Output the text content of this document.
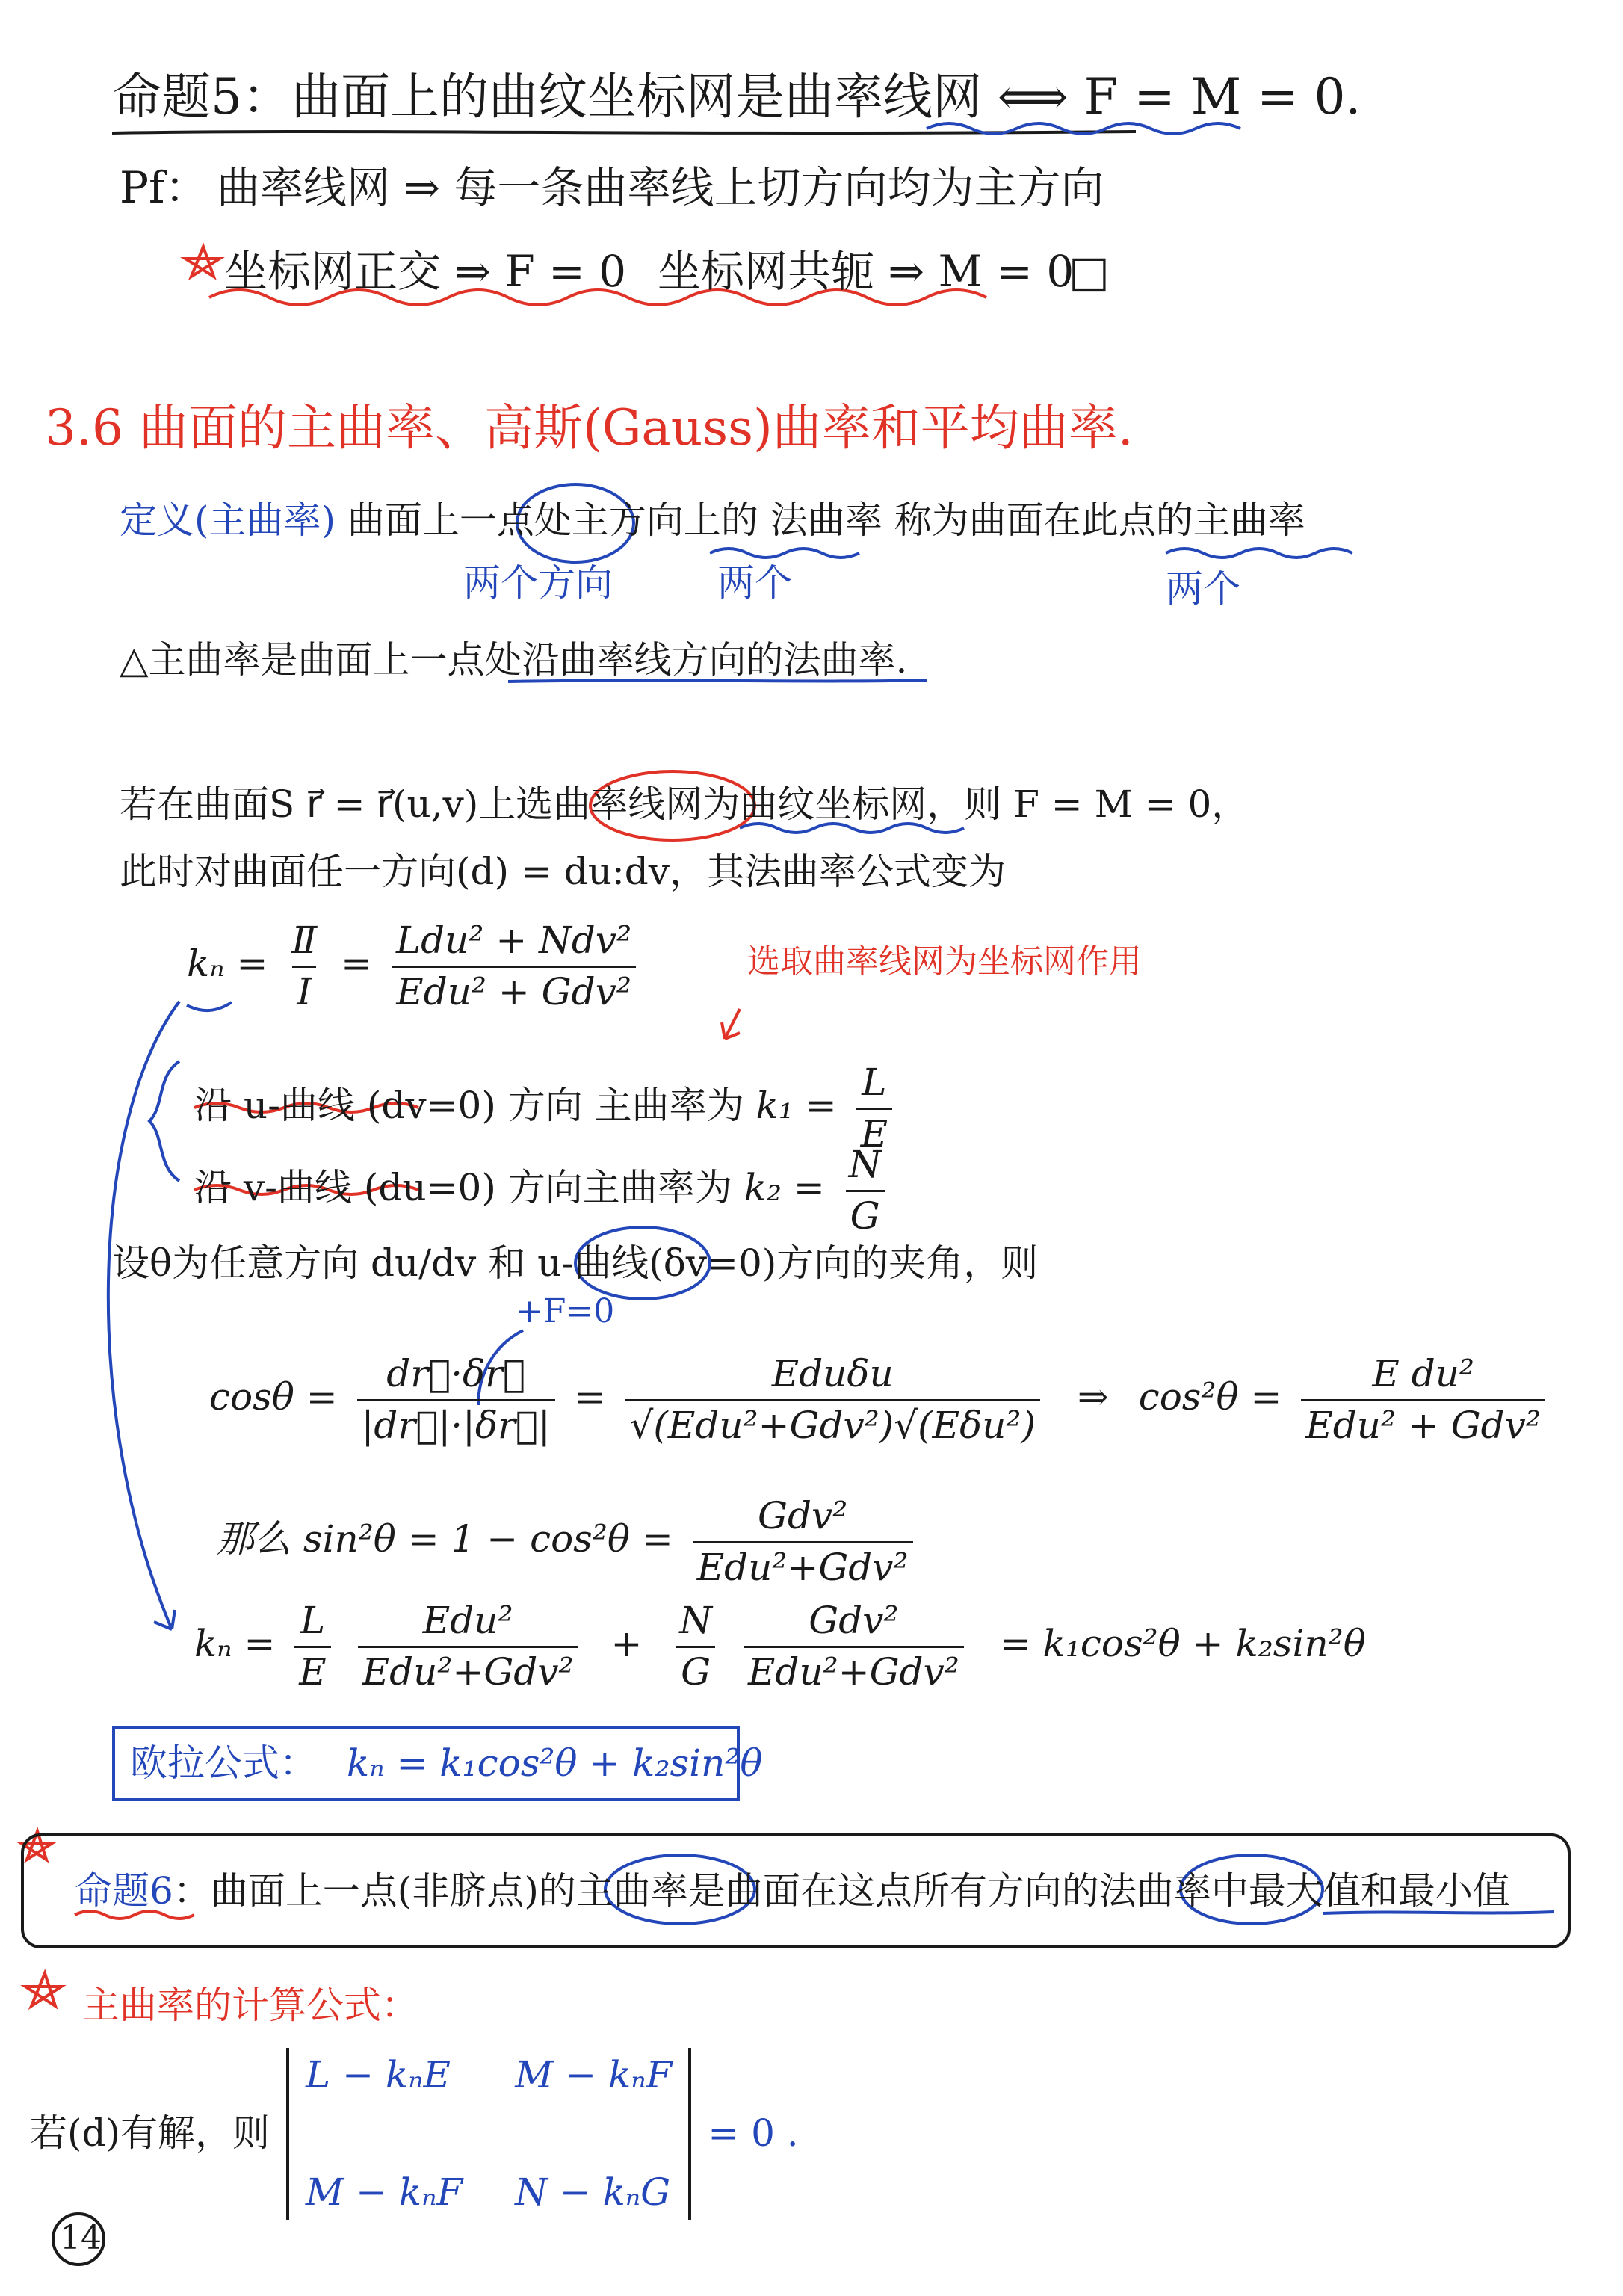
命题5：曲面上的曲纹坐标网是曲率线网 ⟺ F = M = 0.
Pf： 曲率线网 ⇒ 每一条曲率线上切方向均为主方向
坐标网正交 ⇒ F = 0 坐标网共轭 ⇒ M = 0
□
3.6 曲面的主曲率、高斯(Gauss)曲率和平均曲率.
定义(主曲率) 曲面上一点处主方向上的 法曲率 称为曲面在此点的主曲率
两个方向	两个	两个
△主曲率是曲面上一点处沿曲率线方向的法曲率.
若在曲面S r⃗ = r⃗(u,v)上选曲率线网为曲纹坐标网，则 F = M = 0，
此时对曲面任一方向(d) = du:dv，其法曲率公式变为
$k_n = \frac{\text{Ⅱ}}{\text{Ⅰ}} = \frac{\text{Ldu² + Ndv²}}{\text{Edu² + Gdv²}}$	选取曲率线网为坐标网作用
沿 u-曲线 (dv=0) 方向 主曲率为 $k_1 = \frac{L}{E}$
沿 v-曲线 (du=0) 方向主曲率为 $k_2 = \frac{N}{G}$
设θ为任意方向 du/dv 和 u-曲线(δv=0)方向的夹角，则
+F=0
$\cos\theta = \frac{dr⃗\cdot\delta r⃗}{|dr⃗|\cdot|\delta r⃗|} = \frac{\text{Eduδu}}{\text{√(Edu²+Gdv²)√(Eδu²)}}$ ⇒ $\cos^2\theta = \frac{\text{E du²}}{\text{Edu² + Gdv²}}$
那么 $\sin^2\theta = 1 - \cos^2\theta = \frac{\text{Gdv²}}{\text{Edu²+Gdv²}}$
$k_n = \frac{L}{E}$
$\frac{\text{Edu²}}{\text{Edu²+Gdv²}} + \frac{N}{G}$
$\frac{\text{Gdv²}}{\text{Edu²+Gdv²}} = k_1\cos^2\theta + k_2\sin^2\theta$
欧拉公式： kₙ = k₁cos²θ + k₂sin²θ
命题6：曲面上一点(非脐点)的主曲率是曲面在这点所有方向的法曲率中最大值和最小值
主曲率的计算公式：
若(d)有解，则
L − kₙE	M − kₙF
M − kₙF N − kₙG
= 0 .
14
